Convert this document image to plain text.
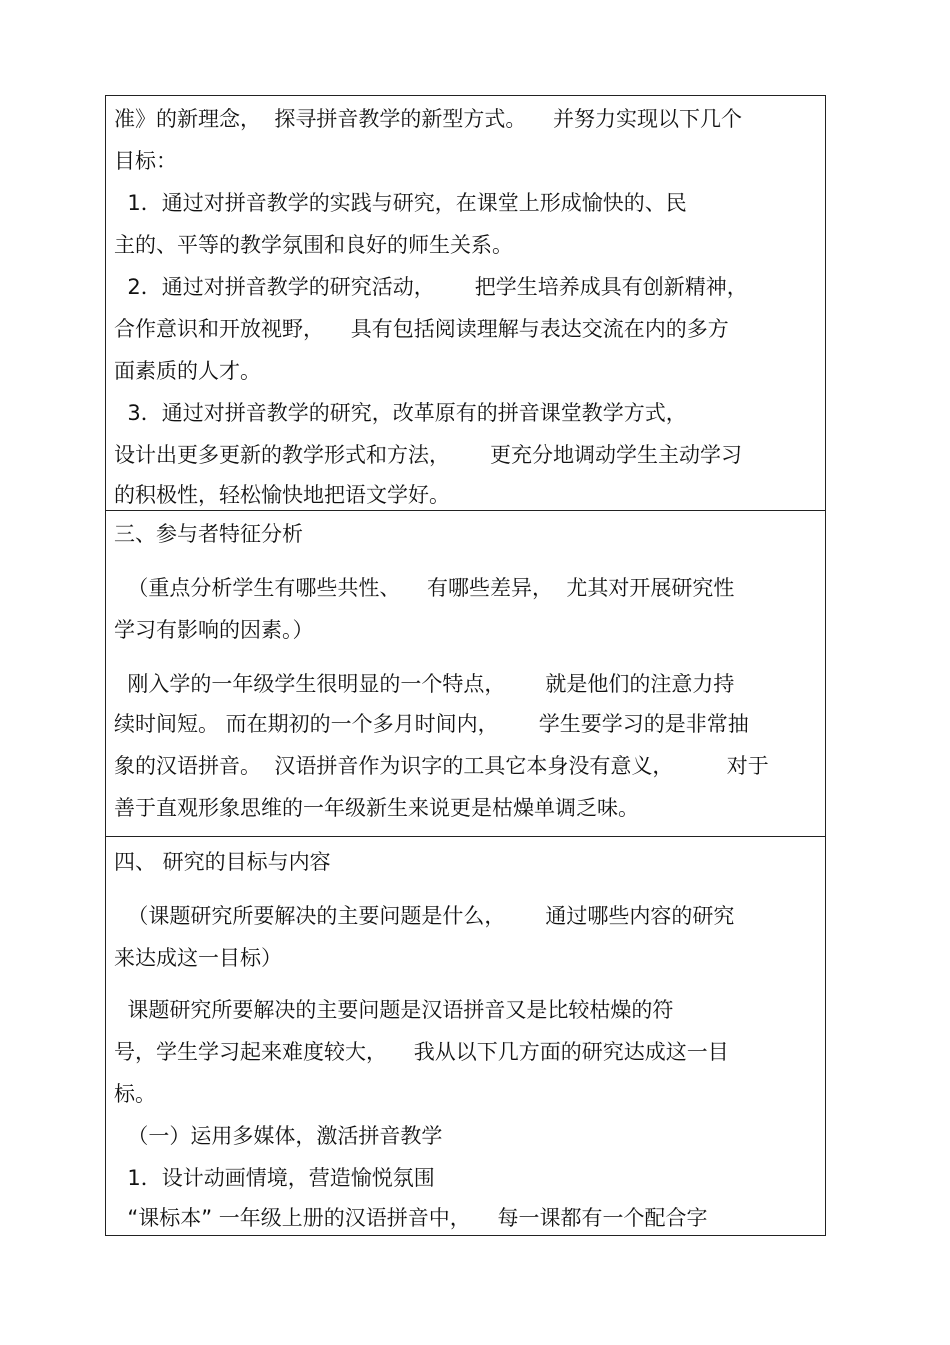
准》的新理念，  探寻拼音教学的新型方式。    并努力实现以下几个
目标：
1．通过对拼音教学的实践与研究，在课堂上形成愉快的、民
主的、平等的教学氛围和良好的师生关系。
2．通过对拼音教学的研究活动，      把学生培养成具有创新精神，
合作意识和开放视野，    具有包括阅读理解与表达交流在内的多方
面素质的人才。
3．通过对拼音教学的研究，改革原有的拼音课堂教学方式，
设计出更多更新的教学形式和方法，      更充分地调动学生主动学习
的积极性，轻松愉快地把语文学好。
三、参与者特征分析
（重点分析学生有哪些共性、    有哪些差异，  尤其对开展研究性
学习有影响的因素。）
刚入学的一年级学生很明显的一个特点，      就是他们的注意力持
续时间短。 而在期初的一个多月时间内，      学生要学习的是非常抽
象的汉语拼音。  汉语拼音作为识字的工具它本身没有意义，        对于
善于直观形象思维的一年级新生来说更是枯燥单调乏味。
四、 研究的目标与内容
（课题研究所要解决的主要问题是什么，      通过哪些内容的研究
来达成这一目标）
课题研究所要解决的主要问题是汉语拼音又是比较枯燥的符
号，学生学习起来难度较大，    我从以下几方面的研究达成这一目
标。
（一）运用多媒体，激活拼音教学
1．设计动画情境，营造愉悦氛围
“课标本” 一年级上册的汉语拼音中，    每一课都有一个配合字
